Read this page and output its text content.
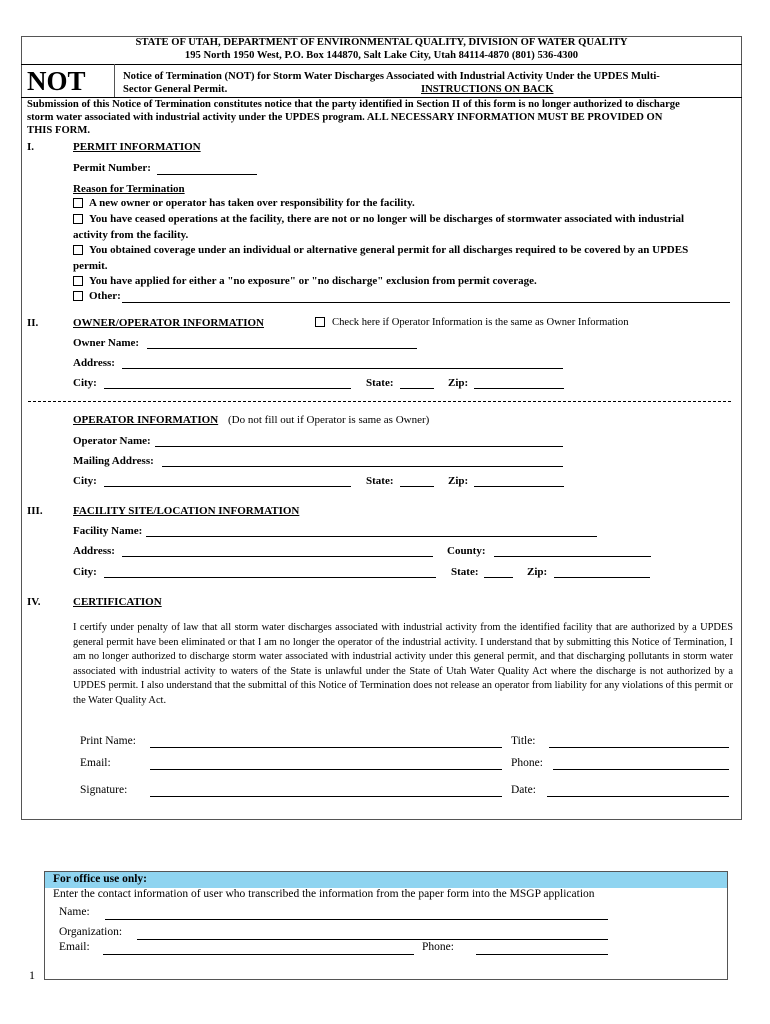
STATE OF UTAH, DEPARTMENT OF ENVIRONMENTAL QUALITY, DIVISION OF WATER QUALITY
195 North 1950 West, P.O. Box 144870, Salt Lake City, Utah 84114-4870 (801) 536-4300
NOT	Notice of Termination (NOT) for Storm Water Discharges Associated with Industrial Activity Under the UPDES Multi-
Sector General Permit.	INSTRUCTIONS ON BACK
Submission of this Notice of Termination constitutes notice that the party identified in Section II of this form is no longer authorized to discharge
storm water associated with industrial activity under the UPDES program. ALL NECESSARY INFORMATION MUST BE PROVIDED ON
THIS FORM.
I.	PERMIT INFORMATION
Permit Number:
Reason for Termination
A new owner or operator has taken over responsibility for the facility.
You have ceased operations at the facility, there are not or no longer will be discharges of stormwater associated with industrial
activity from the facility.
You obtained coverage under an individual or alternative general permit for all discharges required to be covered by an UPDES
permit.
You have applied for either a "no exposure" or "no discharge" exclusion from permit coverage.
Other:
II.	OWNER/OPERATOR INFORMATION	Check here if Operator Information is the same as Owner Information
Owner Name:
Address:
City:	State:	Zip:
OPERATOR INFORMATION (Do not fill out if Operator is same as Owner)
Operator Name:
Mailing Address:
City:	State:	Zip:
III.	FACILITY SITE/LOCATION INFORMATION
Facility Name:
Address:	County:
City:	State:	Zip:
IV.	CERTIFICATION
I certify under penalty of law that all storm water discharges associated with industrial activity from the identified facility that are authorized by a UPDES general permit have been eliminated or that I am no longer the operator of the industrial activity. I understand that by submitting this Notice of Termination, I am no longer authorized to discharge storm water associated with industrial activity under this general permit, and that discharging pollutants in storm water associated with industrial activity to waters of the State is unlawful under the State of Utah Water Quality Act where the discharge is not authorized by a UPDES permit. I also understand that the submittal of this Notice of Termination does not release an operator from liability for any violations of this permit or the Water Quality Act.
Print Name:	Title:
Email:	Phone:
Signature:	Date:
For office use only:
Enter the contact information of user who transcribed the information from the paper form into the MSGP application
Name:
Organization:
Email:	Phone:
1
